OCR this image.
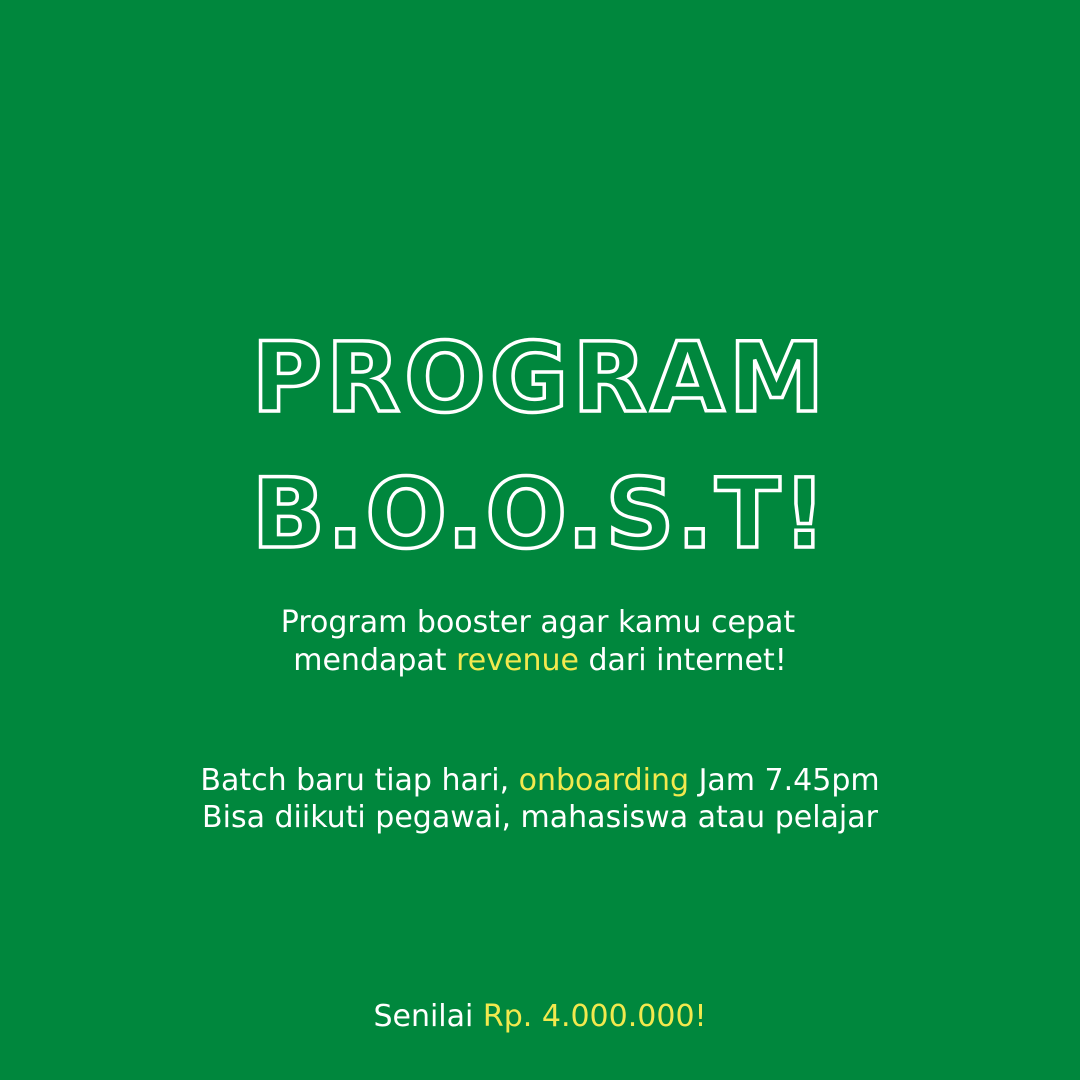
PROGRAM
B.O.O.S.T!
Program booster agar kamu cepat
mendapat revenue dari internet!
Batch baru tiap hari, onboarding Jam 7.45pm
Bisa diikuti pegawai, mahasiswa atau pelajar
Senilai Rp. 4.000.000!
